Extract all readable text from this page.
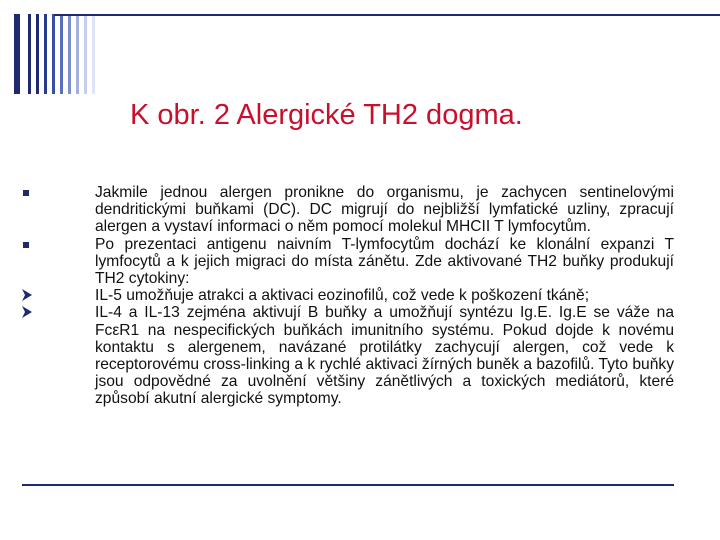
K obr. 2 Alergické TH2 dogma.
Jakmile jednou alergen pronikne do organismu, je zachycen sentinelovými dendritickými buňkami (DC). DC migrují do nejbližší lymfatické uzliny, zpracují alergen a vystaví informaci o něm pomocí molekul MHCII T lymfocytům.
Po prezentaci antigenu naivním T-lymfocytům dochází ke klonální expanzi T lymfocytů a k jejich migraci do místa zánětu. Zde aktivované TH2 buňky produkují TH2 cytokiny:
IL-5 umožňuje atrakci a aktivaci eozinofilů, což vede k poškození tkáně;
IL-4 a IL-13 zejména aktivují B buňky a umožňují syntézu Ig.E. Ig.E se váže na FcεR1 na nespecifických buňkách imunitního systému. Pokud dojde k novému kontaktu s alergenem, navázané protilátky zachycují alergen, což vede k receptorovému cross-linking a k rychlé aktivaci žírných buněk a bazofilů. Tyto buňky jsou odpovědné za uvolnění většiny zánětlivých a toxických mediátorů, které způsobí akutní alergické symptomy.
